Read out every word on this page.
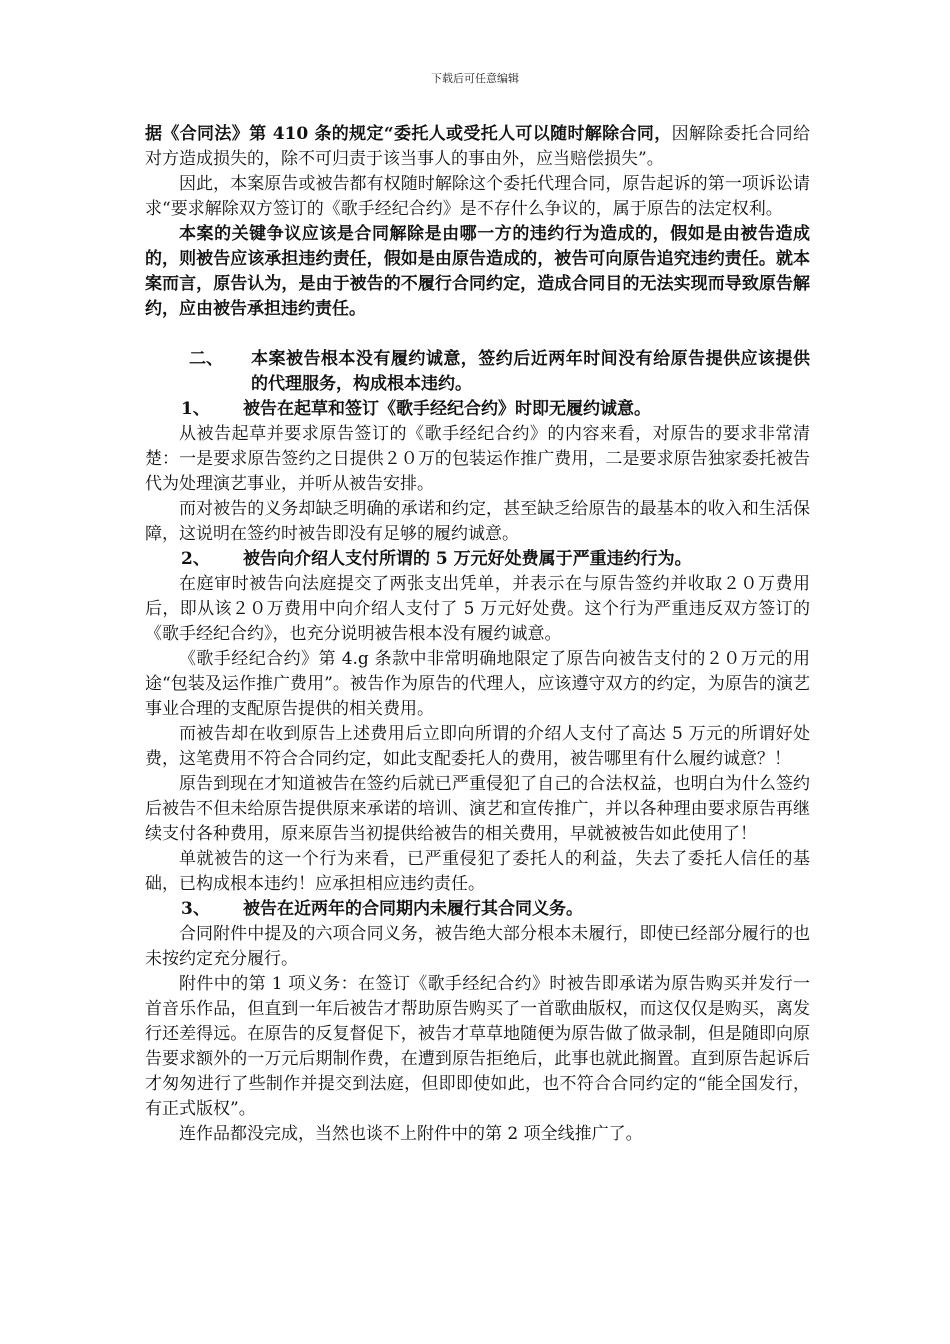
下载后可任意编辑

据《合同法》第 410 条的规定“委托人或受托人可以随时解除合同，因解除委托合同给对方造成损失的，除不可归责于该当事人的事由外，应当赔偿损失”。

因此，本案原告或被告都有权随时解除这个委托代理合同，原告起诉的第一项诉讼请求“要求解除双方签订的《歌手经纪合约》是不存什么争议的，属于原告的法定权利。

本案的关键争议应该是合同解除是由哪一方的违约行为造成的，假如是由被告造成的，则被告应该承担违约责任，假如是由原告造成的，被告可向原告追究违约责任。就本案而言，原告认为，是由于被告的不履行合同约定，造成合同目的无法实现而导致原告解约，应由被告承担违约责任。

二、	本案被告根本没有履约诚意，签约后近两年时间没有给原告提供应该提供的代理服务，构成根本违约。
1、	被告在起草和签订《歌手经纪合约》时即无履约诚意。

从被告起草并要求原告签订的《歌手经纪合约》的内容来看，对原告的要求非常清楚：一是要求原告签约之日提供２０万的包装运作推广费用，二是要求原告独家委托被告代为处理演艺事业，并听从被告安排。

而对被告的义务却缺乏明确的承诺和约定，甚至缺乏给原告的最基本的收入和生活保障，这说明在签约时被告即没有足够的履约诚意。

2、	被告向介绍人支付所谓的 5 万元好处费属于严重违约行为。

在庭审时被告向法庭提交了两张支出凭单，并表示在与原告签约并收取２０万费用后，即从该２０万费用中向介绍人支付了 5 万元好处费。这个行为严重违反双方签订的《歌手经纪合约》，也充分说明被告根本没有履约诚意。

《歌手经纪合约》第 4.g 条款中非常明确地限定了原告向被告支付的２０万元的用途“包装及运作推广费用”。被告作为原告的代理人，应该遵守双方的约定，为原告的演艺事业合理的支配原告提供的相关费用。

而被告却在收到原告上述费用后立即向所谓的介绍人支付了高达 5 万元的所谓好处费，这笔费用不符合合同约定，如此支配委托人的费用，被告哪里有什么履约诚意？！

原告到现在才知道被告在签约后就已严重侵犯了自己的合法权益，也明白为什么签约后被告不但未给原告提供原来承诺的培训、演艺和宣传推广，并以各种理由要求原告再继续支付各种费用，原来原告当初提供给被告的相关费用，早就被被告如此使用了！

单就被告的这一个行为来看，已严重侵犯了委托人的利益，失去了委托人信任的基础，已构成根本违约！应承担相应违约责任。

3、	被告在近两年的合同期内未履行其合同义务。

合同附件中提及的六项合同义务，被告绝大部分根本未履行，即使已经部分履行的也未按约定充分履行。

附件中的第 1 项义务：在签订《歌手经纪合约》时被告即承诺为原告购买并发行一首音乐作品，但直到一年后被告才帮助原告购买了一首歌曲版权，而这仅仅是购买，离发行还差得远。在原告的反复督促下，被告才草草地随便为原告做了做录制，但是随即向原告要求额外的一万元后期制作费，在遭到原告拒绝后，此事也就此搁置。直到原告起诉后才匆匆进行了些制作并提交到法庭，但即即使如此，也不符合合同约定的“能全国发行，有正式版权”。

连作品都没完成，当然也谈不上附件中的第 2 项全线推广了。
